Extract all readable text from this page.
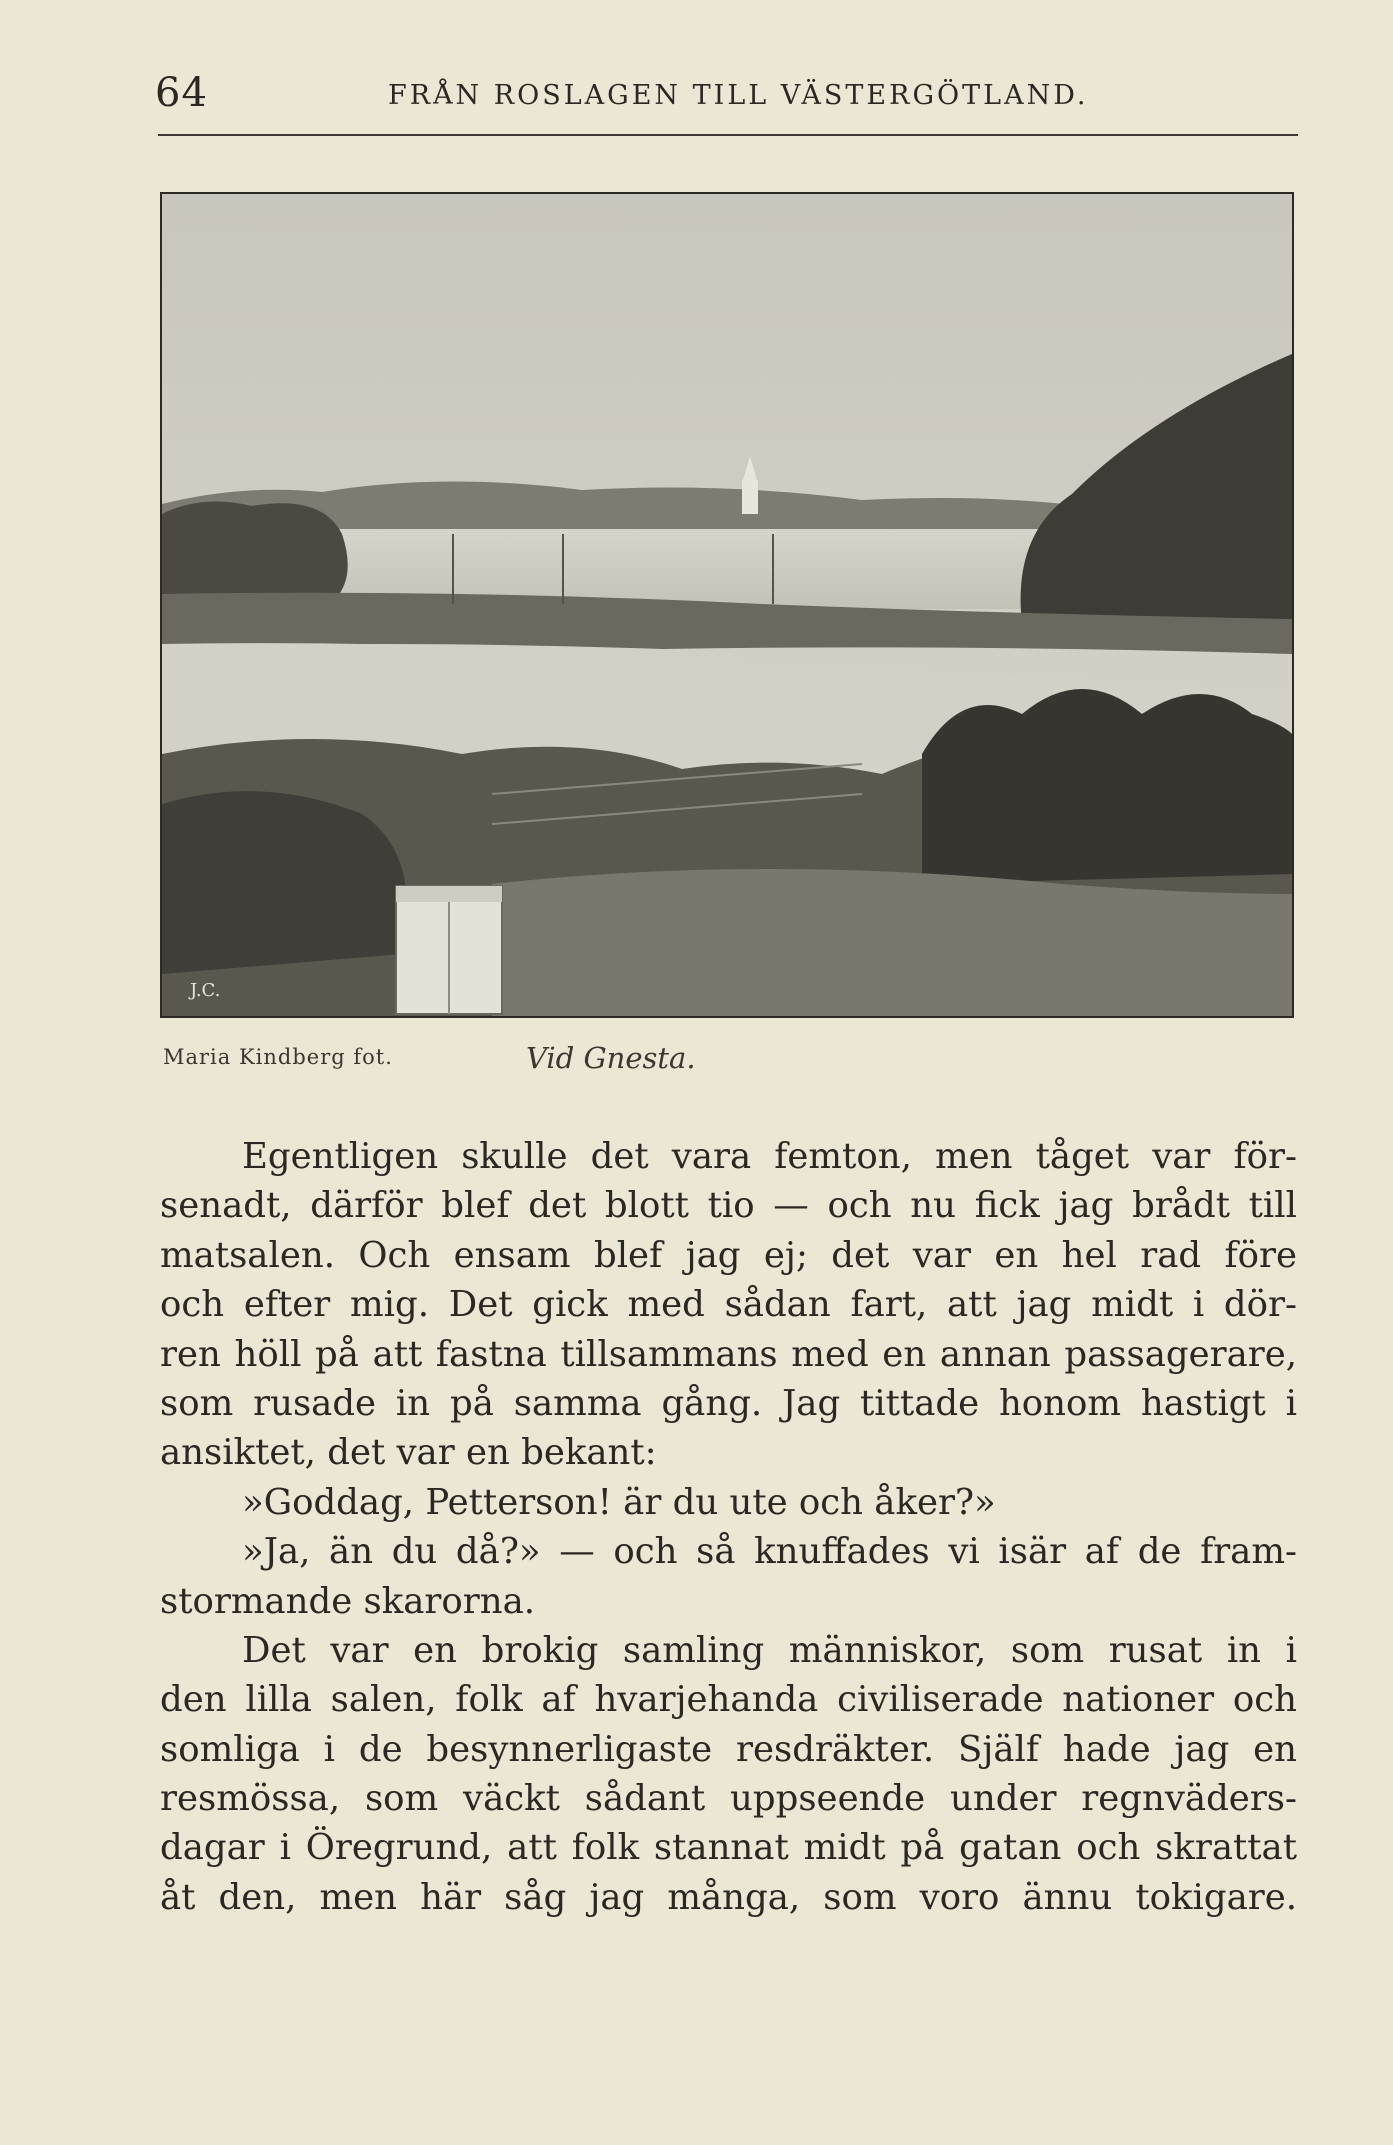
64	FRÅN ROSLAGEN TILL VÄSTERGÖTLAND.
J.C.
Maria Kindberg fot.	Vid Gnesta.
Egentligen skulle det vara femton, men tåget var för-
senadt, därför blef det blott tio — och nu fick jag brådt till
matsalen. Och ensam blef jag ej; det var en hel rad före
och efter mig. Det gick med sådan fart, att jag midt i dör-
ren höll på att fastna tillsammans med en annan passagerare,
som rusade in på samma gång. Jag tittade honom hastigt i
ansiktet, det var en bekant:
»Goddag, Petterson! är du ute och åker?»
»Ja, än du då?» — och så knuffades vi isär af de fram-
stormande skarorna.
Det var en brokig samling människor, som rusat in i
den lilla salen, folk af hvarjehanda civiliserade nationer och
somliga i de besynnerligaste resdräkter. Själf hade jag en
resmössa, som väckt sådant uppseende under regnväders-
dagar i Öregrund, att folk stannat midt på gatan och skrattat
åt den, men här såg jag många, som voro ännu tokigare.
